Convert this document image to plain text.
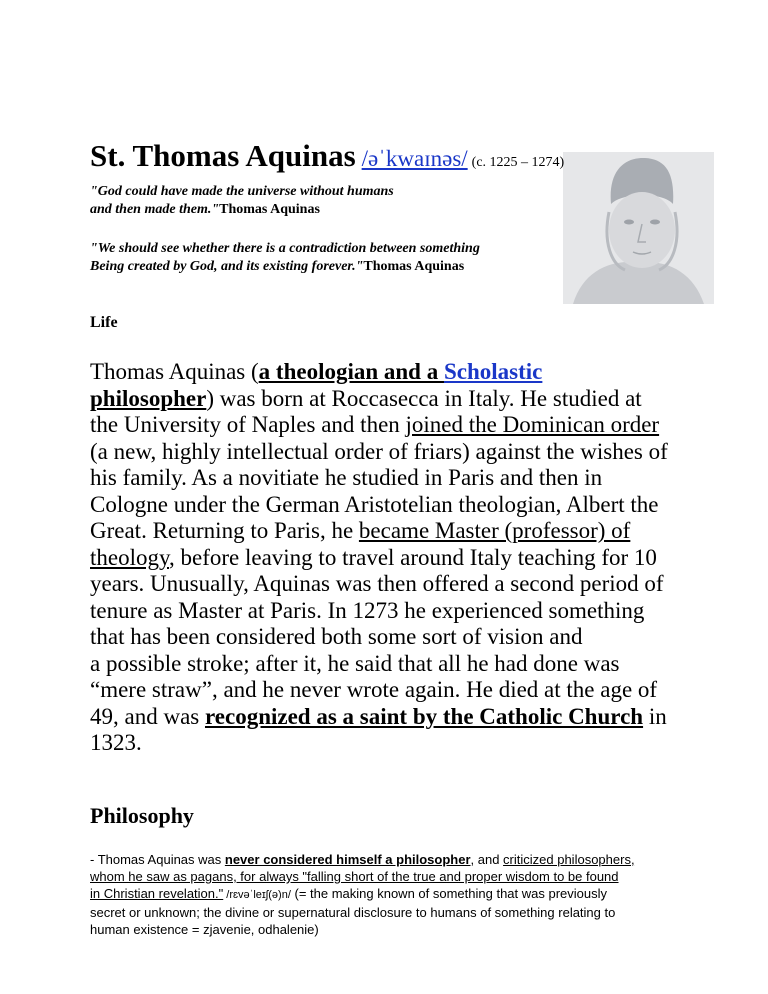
St. Thomas Aquinas /əˈkwaɪnəs/ (c. 1225 – 1274)
"God could have made the universe without humans
and then made them."Thomas Aquinas
"We should see whether there is a contradiction between something
Being created by God, and its existing forever."Thomas Aquinas
Life
Thomas Aquinas (a theologian and a Scholastic
philosopher) was born at Roccasecca in Italy. He studied at
the University of Naples and then joined the Dominican order
(a new, highly intellectual order of friars) against the wishes of
his family. As a novitiate he studied in Paris and then in
Cologne under the German Aristotelian theologian, Albert the
Great. Returning to Paris, he became Master (professor) of
theology, before leaving to travel around Italy teaching for 10
years. Unusually, Aquinas was then offered a second period of
tenure as Master at Paris. In 1273 he experienced something
that has been considered both some sort of vision and
a possible stroke; after it, he said that all he had done was
“mere straw”, and he never wrote again. He died at the age of
49, and was recognized as a saint by the Catholic Church in
1323.
Philosophy
- Thomas Aquinas was never considered himself a philosopher, and criticized philosophers,
whom he saw as pagans, for always "falling short of the true and proper wisdom to be found
in Christian revelation." /rɛvəˈleɪʃ(ə)n/ (= the making known of something that was previously
secret or unknown; the divine or supernatural disclosure to humans of something relating to
human existence = zjavenie, odhalenie)
